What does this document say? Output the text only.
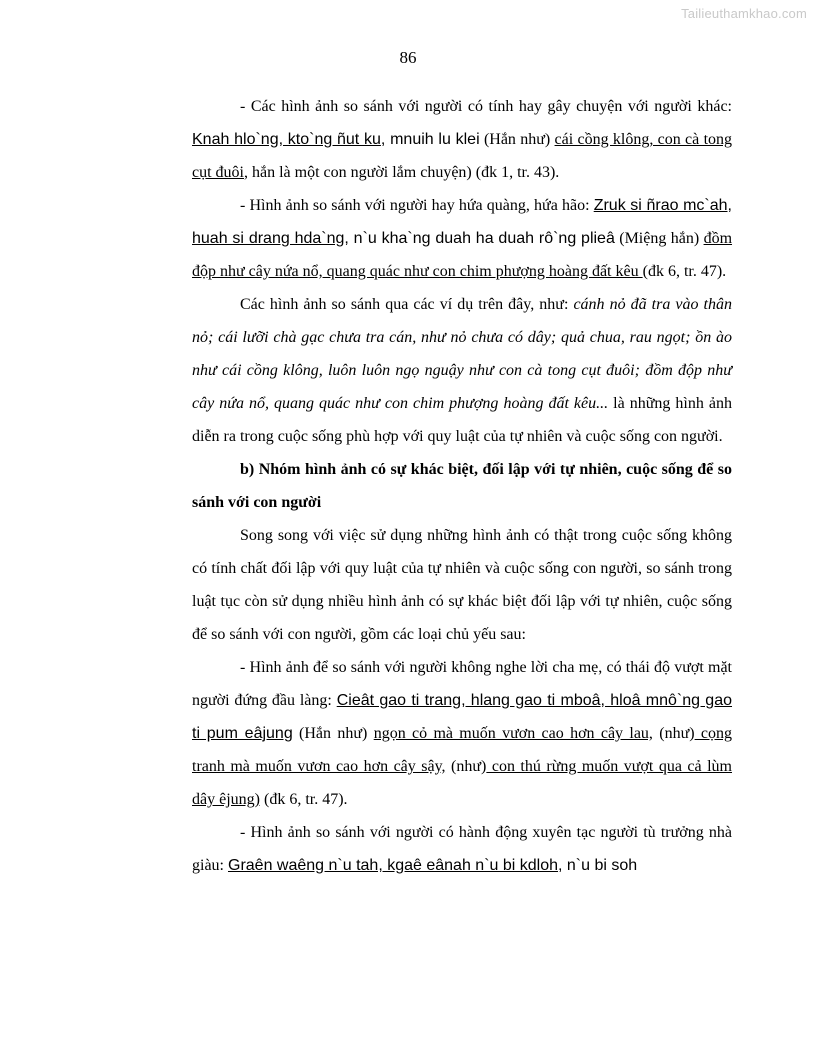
Tailieuthamkhao.com
86

- Các hình ảnh so sánh với người có tính hay gây chuyện với người khác: Knah hlo`ng, kto`ng ñut ku, mnuih lu klei (Hắn như) cái cồng klông, con cà tong cụt đuôi, hắn là một con người lắm chuyện) (đk 1, tr. 43).

- Hình ảnh so sánh với người hay hứa quàng, hứa hão: Zruk si ñrao mc`ah, huah si drang hda`ng, n`u kha`ng duah ha duah rô`ng plieâ (Miệng hắn) đồm độp như cây nứa nổ, quang quác như con chim phượng hoàng đất kêu (đk 6, tr. 47).

Các hình ảnh so sánh qua các ví dụ trên đây, như: cánh nỏ đã tra vào thân nỏ; cái lưỡi chà gạc chưa tra cán, như nỏ chưa có dây; quả chua, rau ngọt; ồn ào như cái cồng klông, luôn luôn ngọ nguậy như con cà tong cụt đuôi; đồm độp như cây nứa nổ, quang quác như con chim phượng hoàng đất kêu... là những hình ảnh diễn ra trong cuộc sống phù hợp với quy luật của tự nhiên và cuộc sống con người.

b) Nhóm hình ảnh có sự khác biệt, đối lập với tự nhiên, cuộc sống để so sánh với con người

Song song với việc sử dụng những hình ảnh có thật trong cuộc sống không có tính chất đối lập với quy luật của tự nhiên và cuộc sống con người, so sánh trong luật tục còn sử dụng nhiều hình ảnh có sự khác biệt đối lập với tự nhiên, cuộc sống để so sánh với con người, gồm các loại chủ yếu sau:

- Hình ảnh để so sánh với người không nghe lời cha mẹ, có thái độ vượt mặt người đứng đầu làng: Cieât gao ti trang, hlang gao ti mboâ, hloâ mnô`ng gao ti pum eâjung (Hắn như) ngọn cỏ mà muốn vươn cao hơn cây lau, (như) cọng tranh mà muốn vươn cao hơn cây sậy, (như) con thú rừng muốn vượt qua cả lùm dây êjung) (đk 6, tr. 47).

- Hình ảnh so sánh với người có hành động xuyên tạc người tù trưởng nhà giàu: Graên waêng n`u tah, kgaê eânah n`u bi kdloh, n`u bi soh
